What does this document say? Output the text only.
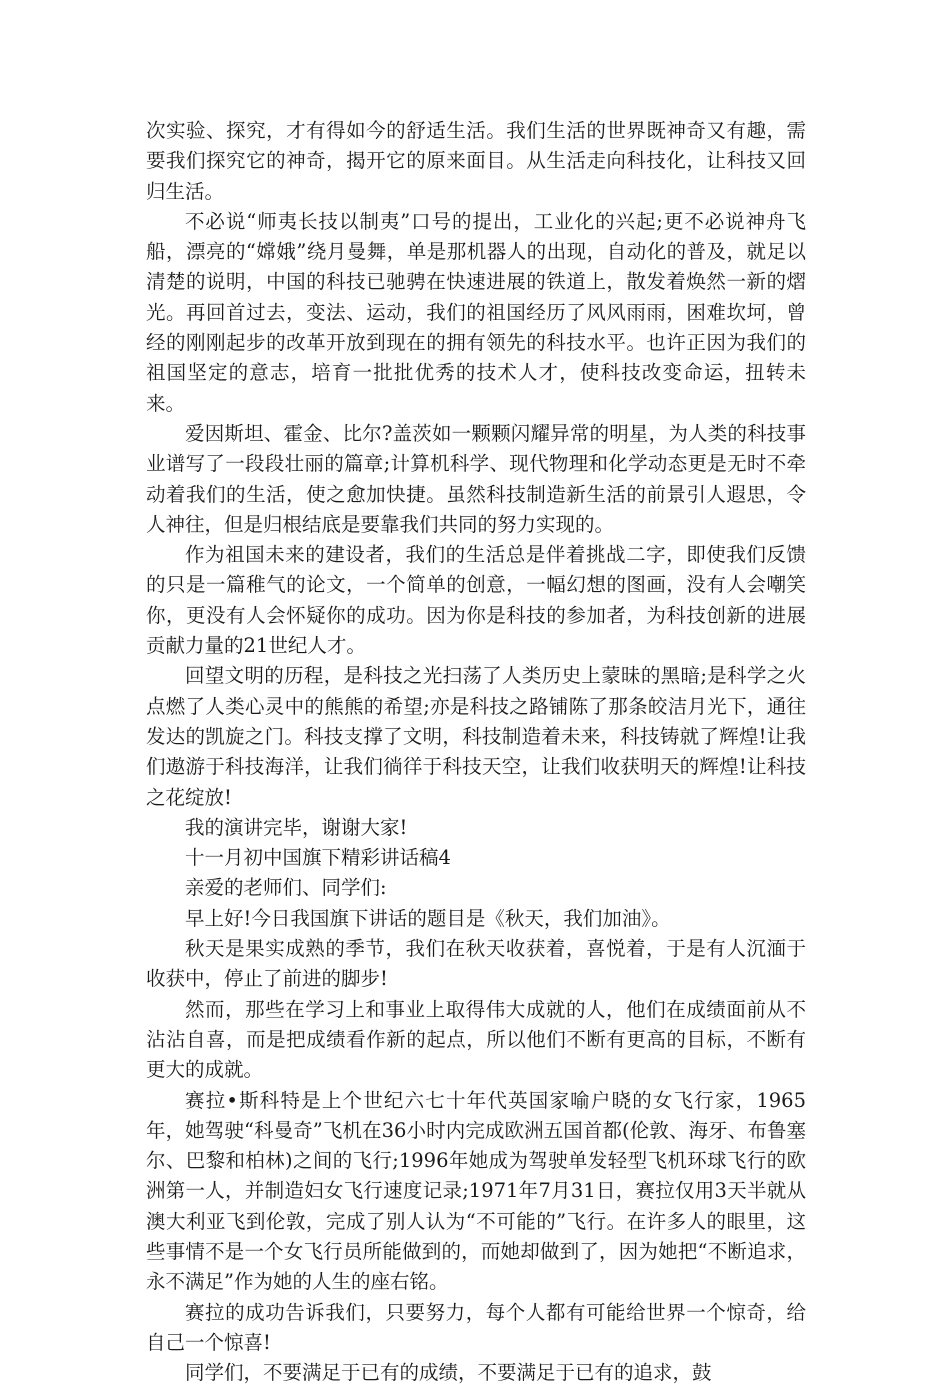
次实验、探究，才有得如今的舒适生活。我们生活的世界既神奇又有趣，需要我们探究它的神奇，揭开它的原来面目。从生活走向科技化，让科技又回归生活。

不必说“师夷长技以制夷”口号的提出，工业化的兴起;更不必说神舟飞船，漂亮的“嫦娥”绕月曼舞，单是那机器人的出现，自动化的普及，就足以清楚的说明，中国的科技已驰骋在快速进展的铁道上，散发着焕然一新的熠光。再回首过去，变法、运动，我们的祖国经历了风风雨雨，困难坎坷，曾经的刚刚起步的改革开放到现在的拥有领先的科技水平。也许正因为我们的祖国坚定的意志，培育一批批优秀的技术人才，使科技改变命运，扭转未来。

爱因斯坦、霍金、比尔?盖茨如一颗颗闪耀异常的明星，为人类的科技事业谱写了一段段壮丽的篇章;计算机科学、现代物理和化学动态更是无时不牵动着我们的生活，使之愈加快捷。虽然科技制造新生活的前景引人遐思，令人神往，但是归根结底是要靠我们共同的努力实现的。

作为祖国未来的建设者，我们的生活总是伴着挑战二字，即使我们反馈的只是一篇稚气的论文，一个简单的创意，一幅幻想的图画，没有人会嘲笑你，更没有人会怀疑你的成功。因为你是科技的参加者，为科技创新的进展贡献力量的21世纪人才。

回望文明的历程，是科技之光扫荡了人类历史上蒙昧的黑暗;是科学之火点燃了人类心灵中的熊熊的希望;亦是科技之路铺陈了那条皎洁月光下，通往发达的凯旋之门。科技支撑了文明，科技制造着未来，科技铸就了辉煌!让我们遨游于科技海洋，让我们徜徉于科技天空，让我们收获明天的辉煌!让科技之花绽放!

我的演讲完毕，谢谢大家!

十一月初中国旗下精彩讲话稿4

亲爱的老师们、同学们:

早上好!今日我国旗下讲话的题目是《秋天，我们加油》。

秋天是果实成熟的季节，我们在秋天收获着，喜悦着，于是有人沉湎于收获中，停止了前进的脚步!

然而，那些在学习上和事业上取得伟大成就的人，他们在成绩面前从不沾沾自喜，而是把成绩看作新的起点，所以他们不断有更高的目标，不断有更大的成就。

赛拉•斯科特是上个世纪六七十年代英国家喻户晓的女飞行家，1965年，她驾驶“科曼奇”飞机在36小时内完成欧洲五国首都(伦敦、海牙、布鲁塞尔、巴黎和柏林)之间的飞行;1996年她成为驾驶单发轻型飞机环球飞行的欧洲第一人，并制造妇女飞行速度记录;1971年7月31日，赛拉仅用3天半就从澳大利亚飞到伦敦，完成了别人认为“不可能的”飞行。在许多人的眼里，这些事情不是一个女飞行员所能做到的，而她却做到了，因为她把“不断追求，永不满足”作为她的人生的座右铭。

赛拉的成功告诉我们，只要努力，每个人都有可能给世界一个惊奇，给自己一个惊喜!

同学们，不要满足于已有的成绩，不要满足于已有的追求，鼓
